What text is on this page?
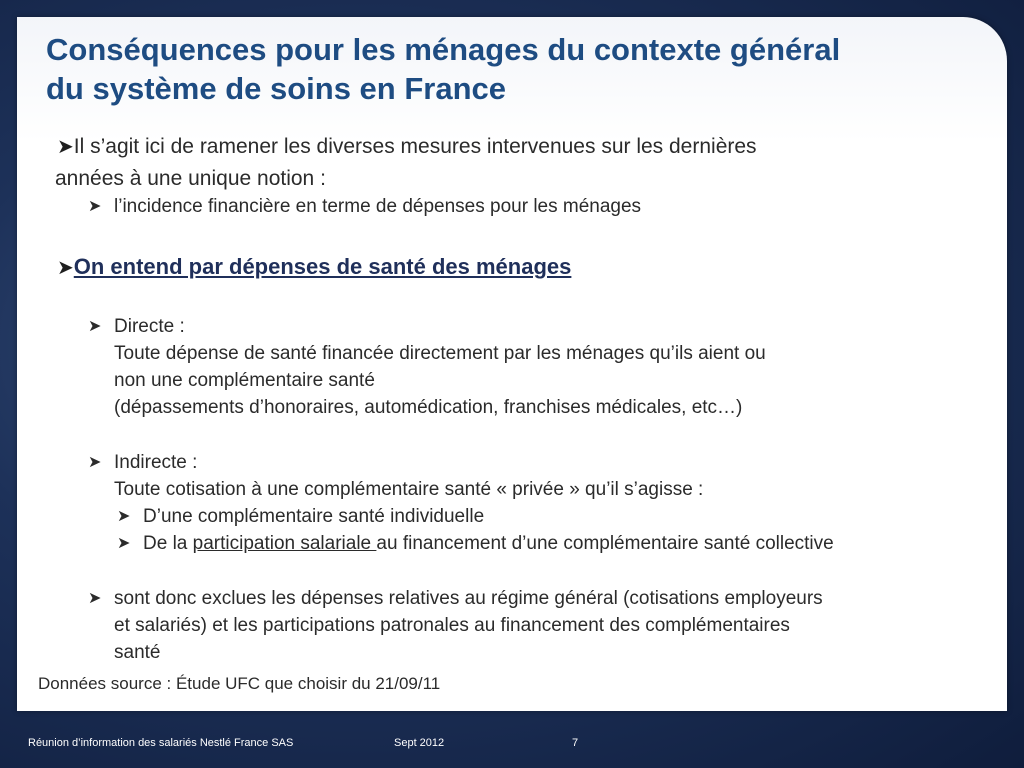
Conséquences pour les ménages du contexte général
du système de soins en France
➤Il s’agit ici de ramener les diverses mesures intervenues sur les dernières
années à une unique notion :
➤ l’incidence financière en terme de dépenses pour les ménages
➤On entend par dépenses de santé des ménages
➤ Directe :
Toute dépense de santé financée directement par les ménages qu’ils aient ou
non une complémentaire santé
(dépassements d’honoraires, automédication, franchises médicales, etc…)
➤ Indirecte :
Toute cotisation à une complémentaire santé « privée » qu’il s’agisse :
➤ D’une complémentaire santé individuelle
➤ De la participation salariale au financement d’une complémentaire santé collective
➤ sont donc exclues les dépenses relatives au régime général (cotisations employeurs
et salariés) et les participations patronales au financement des complémentaires
santé
Données source : Étude UFC que choisir du 21/09/11
Réunion d’information des salariés Nestlé France SAS	Sept 2012	7
